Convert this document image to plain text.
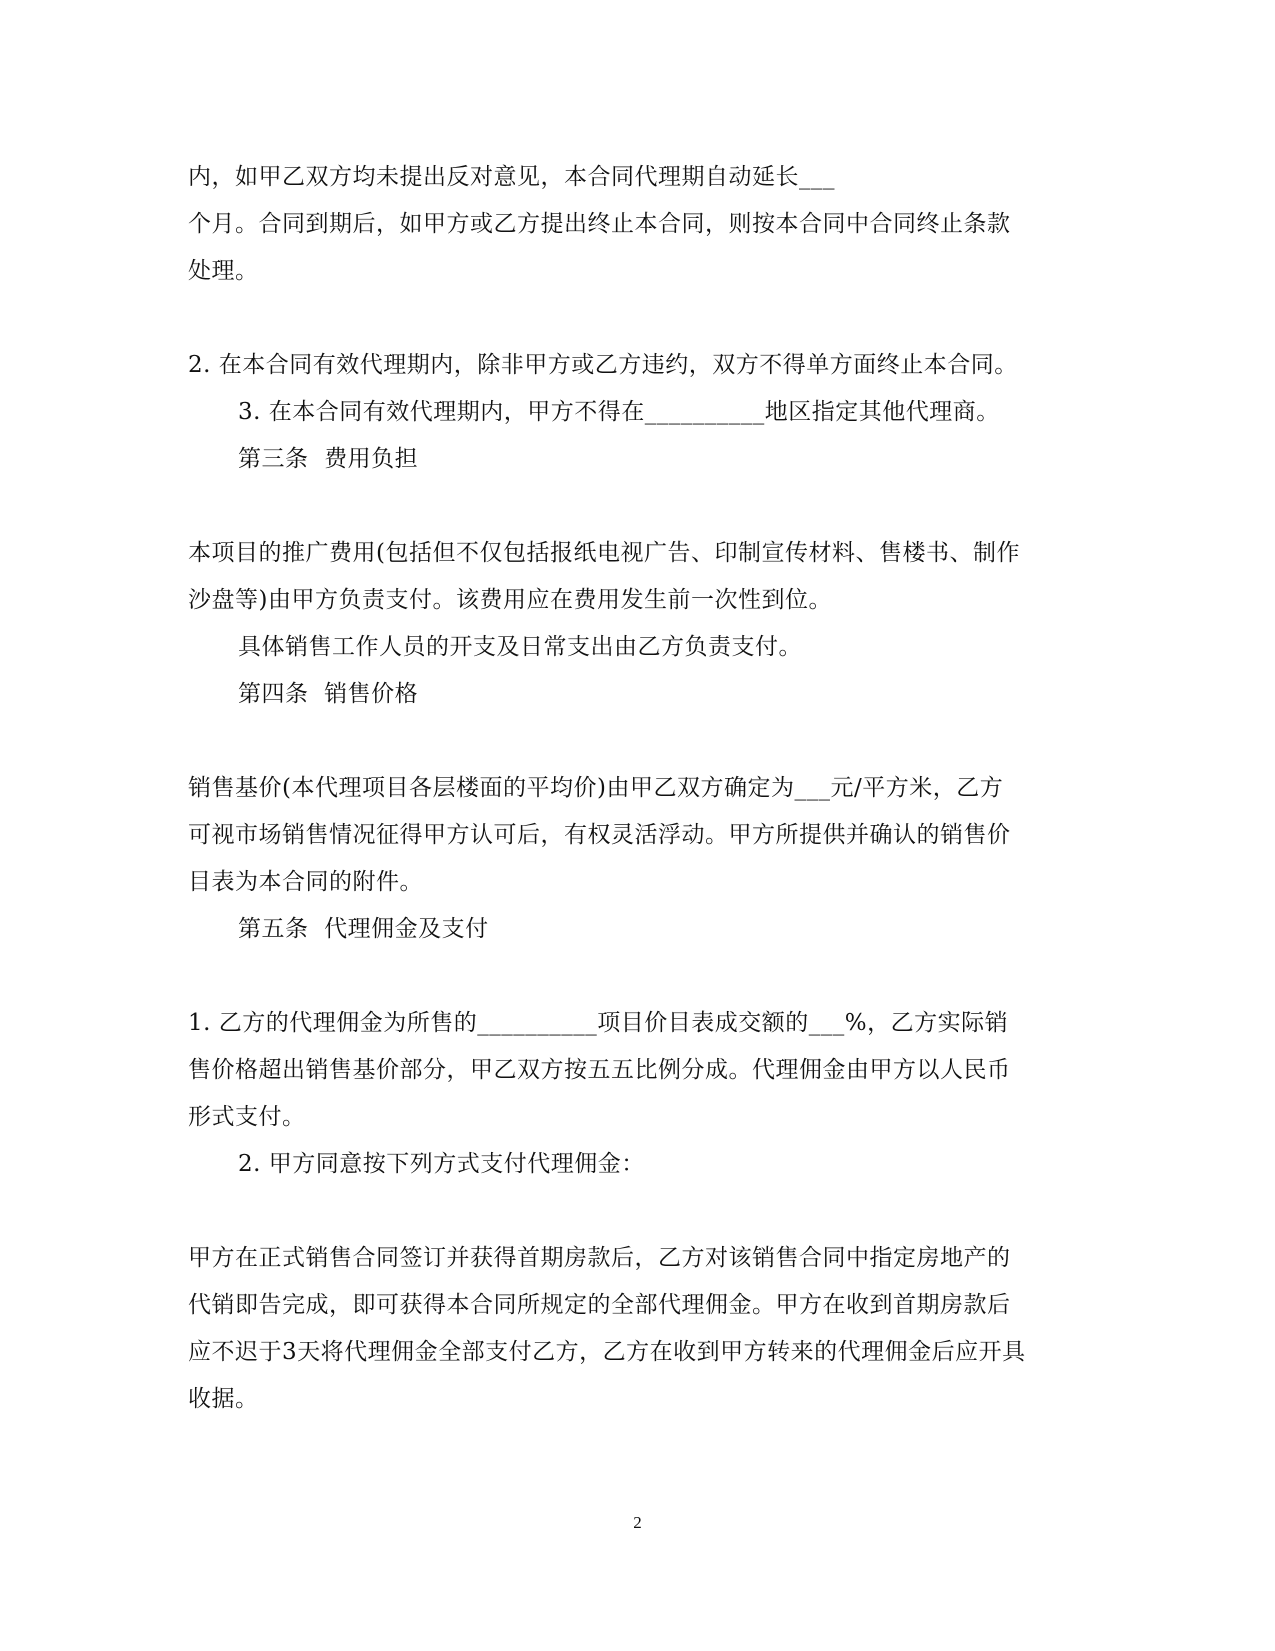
内，如甲乙双方均未提出反对意见，本合同代理期自动延长___
个月。合同到期后，如甲方或乙方提出终止本合同，则按本合同中合同终止条款
处理。
2. 在本合同有效代理期内，除非甲方或乙方违约，双方不得单方面终止本合同。
3. 在本合同有效代理期内，甲方不得在__________地区指定其他代理商。
第三条  费用负担
本项目的推广费用(包括但不仅包括报纸电视广告、印制宣传材料、售楼书、制作
沙盘等)由甲方负责支付。该费用应在费用发生前一次性到位。
具体销售工作人员的开支及日常支出由乙方负责支付。
第四条  销售价格
销售基价(本代理项目各层楼面的平均价)由甲乙双方确定为___元/平方米，乙方
可视市场销售情况征得甲方认可后，有权灵活浮动。甲方所提供并确认的销售价
目表为本合同的附件。
第五条  代理佣金及支付
1. 乙方的代理佣金为所售的__________项目价目表成交额的___%，乙方实际销
售价格超出销售基价部分，甲乙双方按五五比例分成。代理佣金由甲方以人民币
形式支付。
2. 甲方同意按下列方式支付代理佣金：
甲方在正式销售合同签订并获得首期房款后，乙方对该销售合同中指定房地产的
代销即告完成，即可获得本合同所规定的全部代理佣金。甲方在收到首期房款后
应不迟于3天将代理佣金全部支付乙方，乙方在收到甲方转来的代理佣金后应开具
收据。
2
